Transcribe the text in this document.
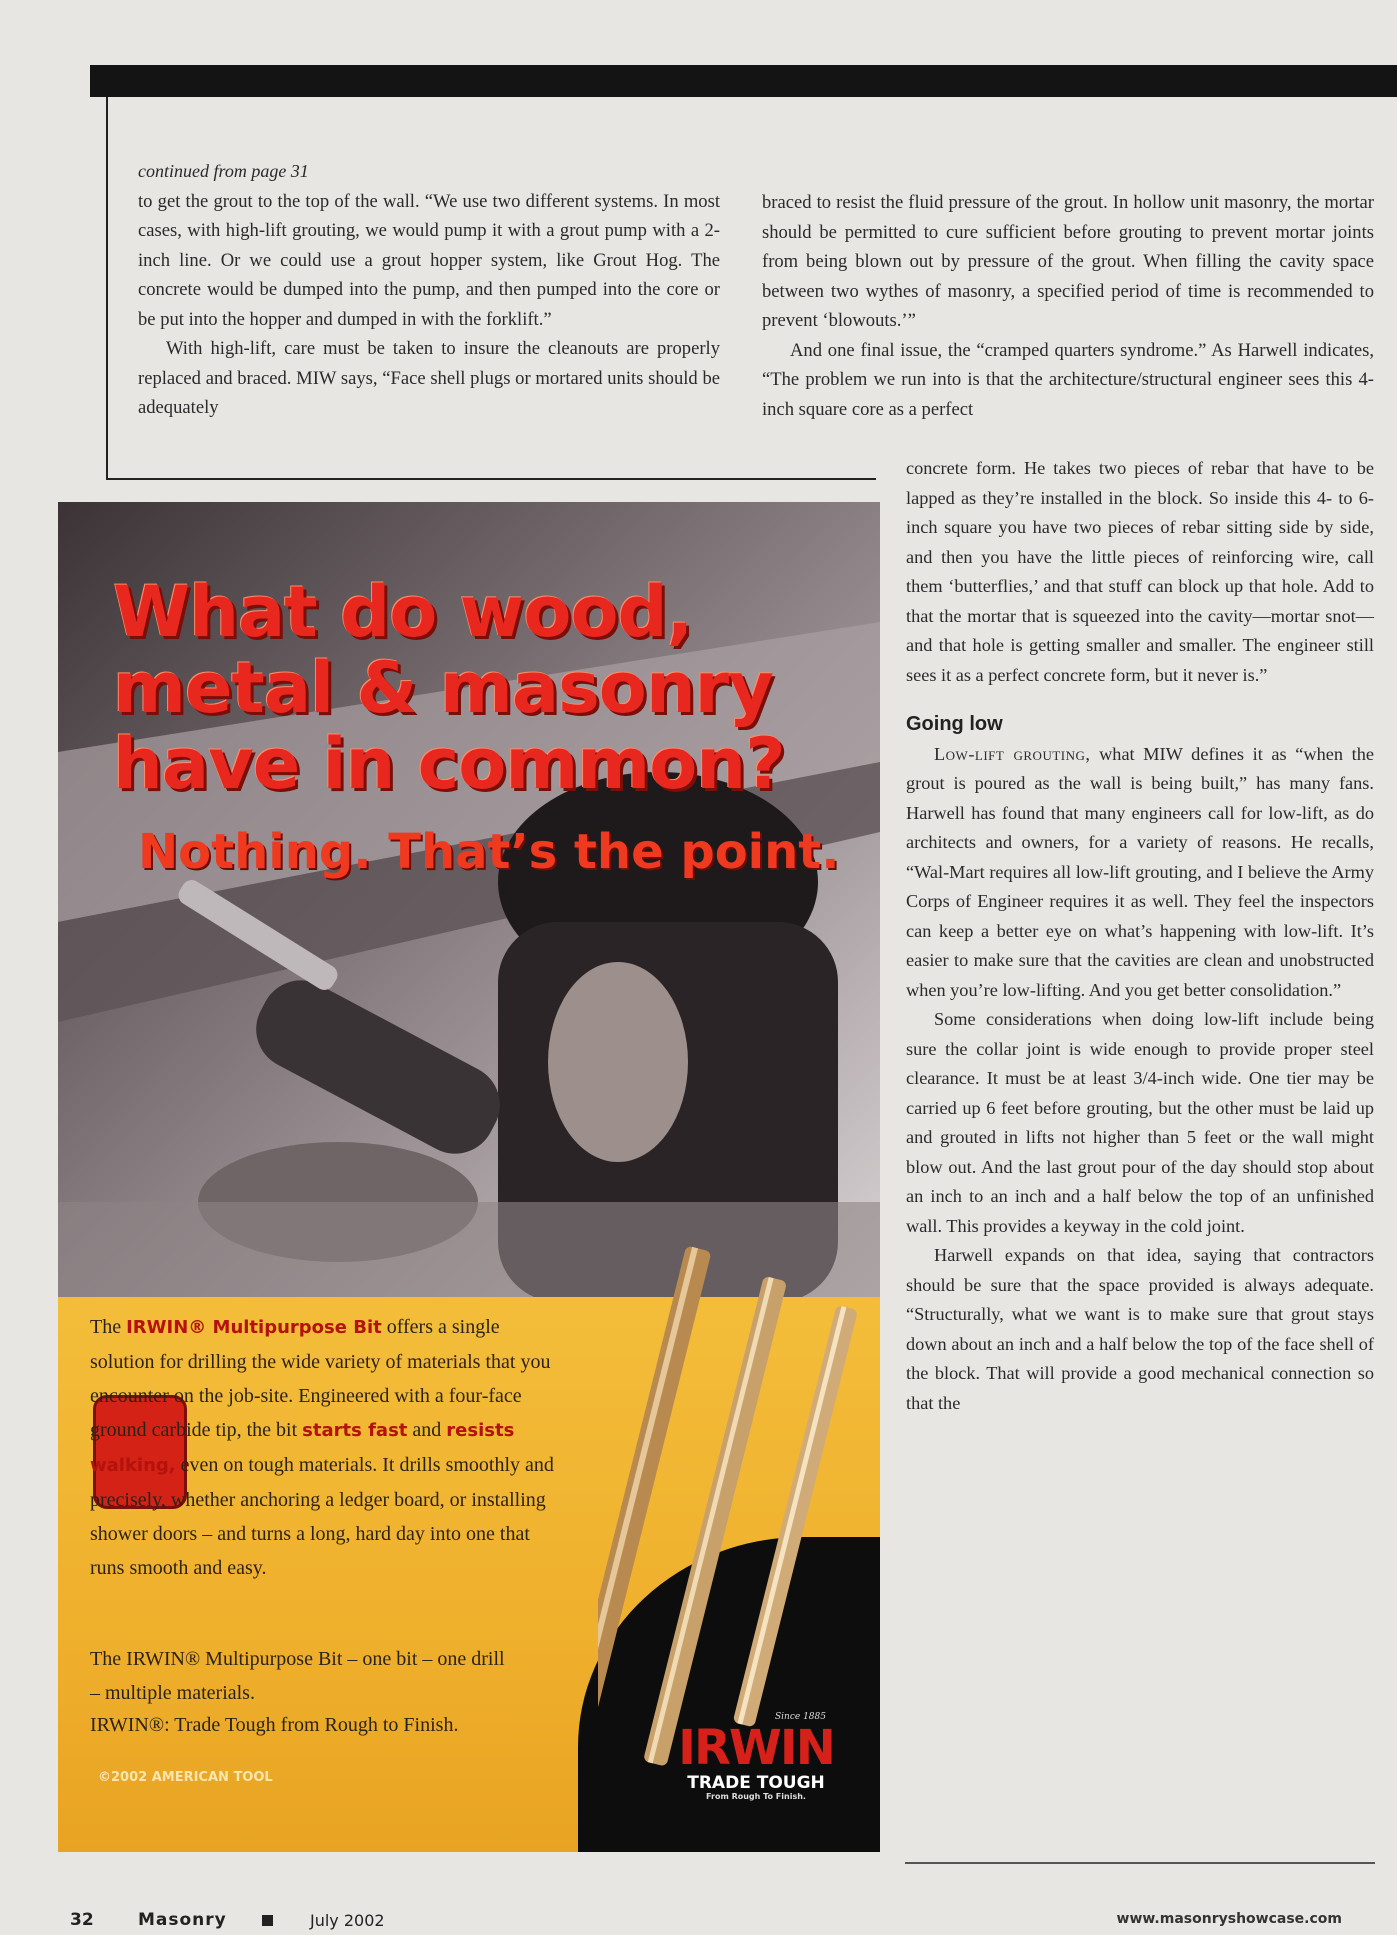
continued from page 31

to get the grout to the top of the wall. “We use two different systems. In most cases, with high-lift grouting, we would pump it with a grout pump with a 2-inch line. Or we could use a grout hopper system, like Grout Hog. The concrete would be dumped into the pump, and then pumped into the core or be put into the hopper and dumped in with the forklift.”

With high-lift, care must be taken to insure the cleanouts are properly replaced and braced. MIW says, “Face shell plugs or mortared units should be adequately

braced to resist the fluid pressure of the grout. In hollow unit masonry, the mortar should be permitted to cure sufficient before grouting to prevent mortar joints from being blown out by pressure of the grout. When filling the cavity space between two wythes of masonry, a specified period of time is recommended to prevent ‘blowouts.’”

And one final issue, the “cramped quarters syndrome.” As Harwell indicates, “The problem we run into is that the architecture/structural engineer sees this 4-inch square core as a perfect

concrete form. He takes two pieces of rebar that have to be lapped as they’re installed in the block. So inside this 4- to 6-inch square you have two pieces of rebar sitting side by side, and then you have the little pieces of reinforcing wire, call them ‘butterflies,’ and that stuff can block up that hole. Add to that the mortar that is squeezed into the cavity—mortar snot—and that hole is getting smaller and smaller. The engineer still sees it as a perfect concrete form, but it never is.”

Going low

Low-lift grouting, what MIW defines it as “when the grout is poured as the wall is being built,” has many fans. Harwell has found that many engineers call for low-lift, as do architects and owners, for a variety of reasons. He recalls, “Wal-Mart requires all low-lift grouting, and I believe the Army Corps of Engineer requires it as well. They feel the inspectors can keep a better eye on what’s happening with low-lift. It’s easier to make sure that the cavities are clean and unobstructed when you’re low-lifting. And you get better consolidation.”

Some considerations when doing low-lift include being sure the collar joint is wide enough to provide proper steel clearance. It must be at least 3/4-inch wide. One tier may be carried up 6 feet before grouting, but the other must be laid up and grouted in lifts not higher than 5 feet or the wall might blow out. And the last grout pour of the day should stop about an inch to an inch and a half below the top of an unfinished wall. This provides a keyway in the cold joint.

Harwell expands on that idea, saying that contractors should be sure that the space provided is always adequate. “Structurally, what we want is to make sure that grout stays down about an inch and a half below the top of the face shell of the block. That will provide a good mechanical connection so that the

What do wood, metal & masonry have in common?
Nothing. That’s the point.
The IRWIN® Multipurpose Bit offers a single solution for drilling the wide variety of materials that you encounter on the job-site. Engineered with a four-face ground carbide tip, the bit starts fast and resists walking, even on tough materials. It drills smoothly and precisely, whether anchoring a ledger board, or installing shower doors – and turns a long, hard day into one that runs smooth and easy.
The IRWIN® Multipurpose Bit – one bit – one drill – multiple materials.
IRWIN®: Trade Tough from Rough to Finish.
©2002 AMERICAN TOOL
Since 1885
IRWIN
TRADE TOUGH
From Rough To Finish.
32	Masonry	July 2002	www.masonryshowcase.com
